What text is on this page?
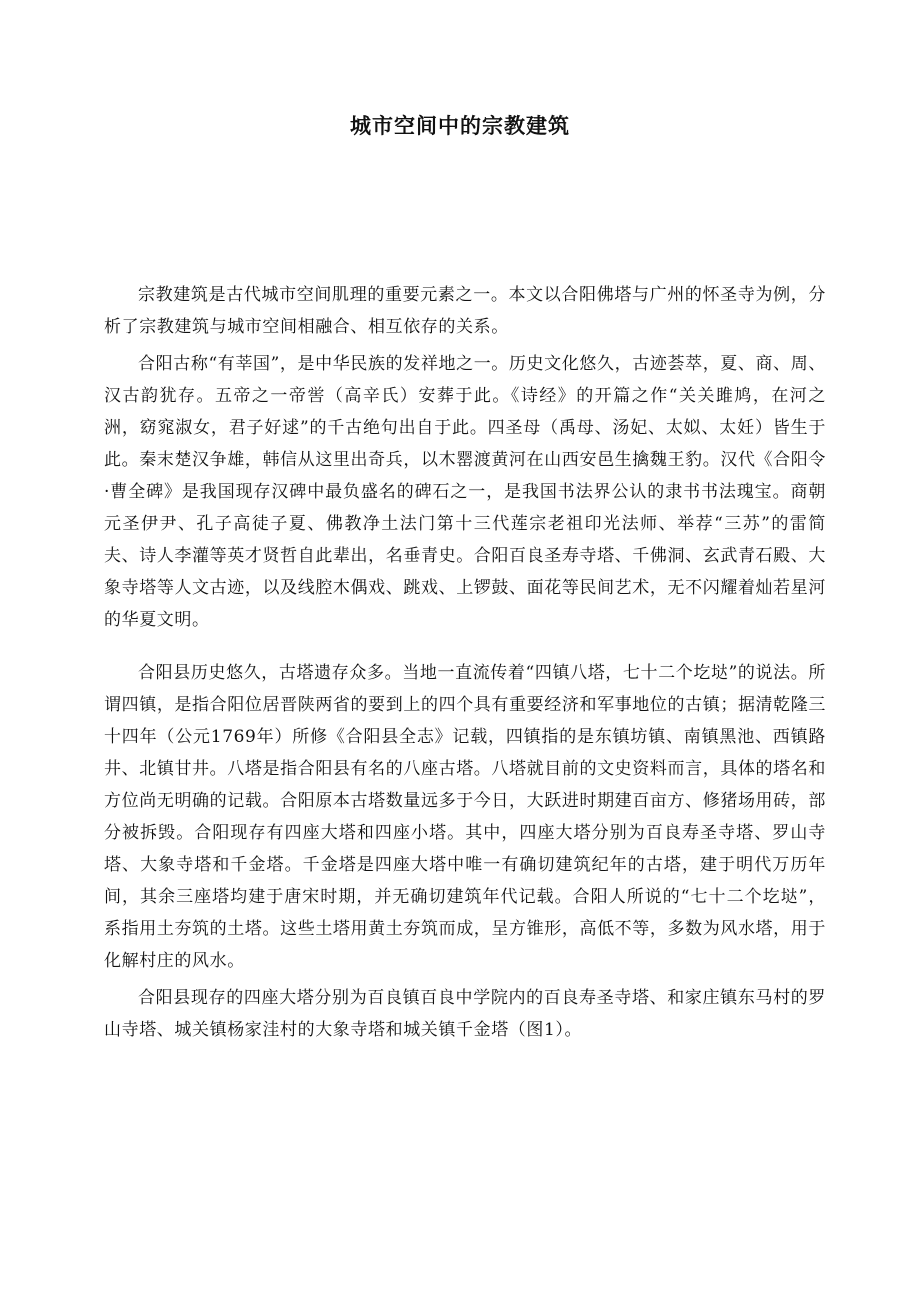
城市空间中的宗教建筑

宗教建筑是古代城市空间肌理的重要元素之一。本文以合阳佛塔与广州的怀圣寺为例，分析了宗教建筑与城市空间相融合、相互依存的关系。

合阳古称“有莘国”，是中华民族的发祥地之一。历史文化悠久，古迹荟萃，夏、商、周、汉古韵犹存。五帝之一帝喾（高辛氏）安葬于此。《诗经》的开篇之作“关关雎鸠，在河之洲，窈窕淑女，君子好逑”的千古绝句出自于此。四圣母（禹母、汤妃、太姒、太妊）皆生于此。秦末楚汉争雄，韩信从这里出奇兵，以木罂渡黄河在山西安邑生擒魏王豹。汉代《合阳令·曹全碑》是我国现存汉碑中最负盛名的碑石之一，是我国书法界公认的隶书书法瑰宝。商朝元圣伊尹、孔子高徒子夏、佛教净土法门第十三代莲宗老祖印光法师、举荐“三苏”的雷简夫、诗人李灌等英才贤哲自此辈出，名垂青史。合阳百良圣寿寺塔、千佛洞、玄武青石殿、大象寺塔等人文古迹，以及线腔木偶戏、跳戏、上锣鼓、面花等民间艺术，无不闪耀着灿若星河的华夏文明。

合阳县历史悠久，古塔遗存众多。当地一直流传着“四镇八塔，七十二个圪垯”的说法。所谓四镇，是指合阳位居晋陕两省的要到上的四个具有重要经济和军事地位的古镇；据清乾隆三十四年（公元1769年）所修《合阳县全志》记载，四镇指的是东镇坊镇、南镇黑池、西镇路井、北镇甘井。八塔是指合阳县有名的八座古塔。八塔就目前的文史资料而言，具体的塔名和方位尚无明确的记载。合阳原本古塔数量远多于今日，大跃进时期建百亩方、修猪场用砖，部分被拆毁。合阳现存有四座大塔和四座小塔。其中，四座大塔分别为百良寿圣寺塔、罗山寺塔、大象寺塔和千金塔。千金塔是四座大塔中唯一有确切建筑纪年的古塔，建于明代万历年间，其余三座塔均建于唐宋时期，并无确切建筑年代记载。合阳人所说的“七十二个圪垯”，系指用土夯筑的土塔。这些土塔用黄土夯筑而成，呈方锥形，高低不等，多数为风水塔，用于化解村庄的风水。

合阳县现存的四座大塔分别为百良镇百良中学院内的百良寿圣寺塔、和家庄镇东马村的罗山寺塔、城关镇杨家洼村的大象寺塔和城关镇千金塔（图1）。
